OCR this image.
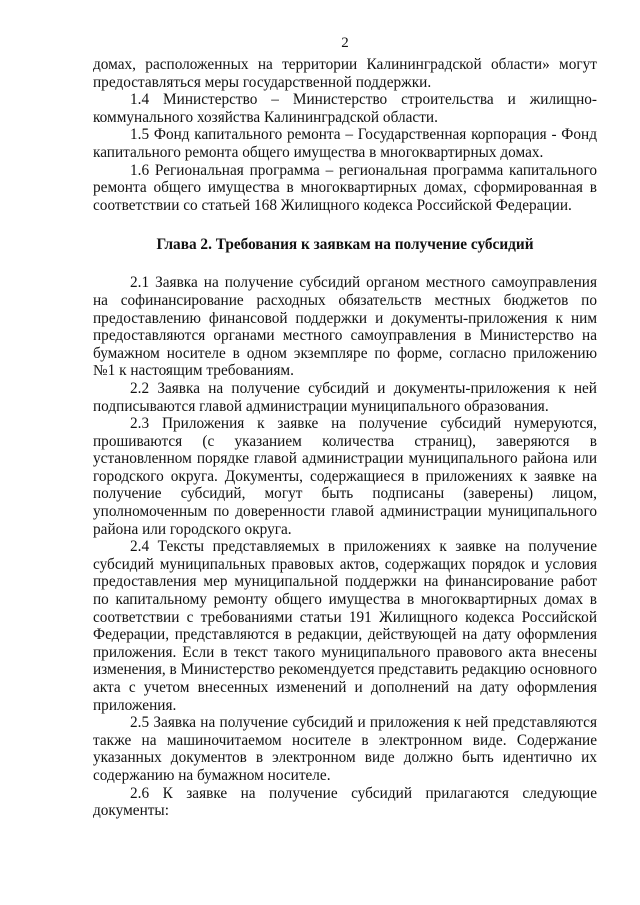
2

домах, расположенных на территории Калининградской области» могут предоставляться меры государственной поддержки.

1.4 Министерство – Министерство строительства и жилищно-коммунального хозяйства Калининградской области.

1.5 Фонд капитального ремонта – Государственная корпорация - Фонд капитального ремонта общего имущества в многоквартирных домах.

1.6 Региональная программа – региональная программа капитального ремонта общего имущества в многоквартирных домах, сформированная в соответствии со статьей 168 Жилищного кодекса Российской Федерации.

Глава 2. Требования к заявкам на получение субсидий

2.1 Заявка на получение субсидий органом местного самоуправления на софинансирование расходных обязательств местных бюджетов по предоставлению финансовой поддержки и документы-приложения к ним предоставляются органами местного самоуправления в Министерство на бумажном носителе в одном экземпляре по форме, согласно приложению №1 к настоящим требованиям.

2.2 Заявка на получение субсидий и документы-приложения к ней подписываются главой администрации муниципального образования.

2.3 Приложения к заявке на получение субсидий нумеруются, прошиваются (с указанием количества страниц), заверяются в установленном порядке главой администрации муниципального района или городского округа. Документы, содержащиеся в приложениях к заявке на получение субсидий, могут быть подписаны (заверены) лицом, уполномоченным по доверенности главой администрации муниципального района или городского округа.

2.4 Тексты представляемых в приложениях к заявке на получение субсидий муниципальных правовых актов, содержащих порядок и условия предоставления мер муниципальной поддержки на финансирование работ по капитальному ремонту общего имущества в многоквартирных домах в соответствии с требованиями статьи 191 Жилищного кодекса Российской Федерации, представляются в редакции, действующей на дату оформления приложения. Если в текст такого муниципального правового акта внесены изменения, в Министерство рекомендуется представить редакцию основного акта с учетом внесенных изменений и дополнений на дату оформления приложения.

2.5 Заявка на получение субсидий и приложения к ней представляются также на машиночитаемом носителе в электронном виде. Содержание указанных документов в электронном виде должно быть идентично их содержанию на бумажном носителе.

2.6 К заявке на получение субсидий прилагаются следующие документы:
